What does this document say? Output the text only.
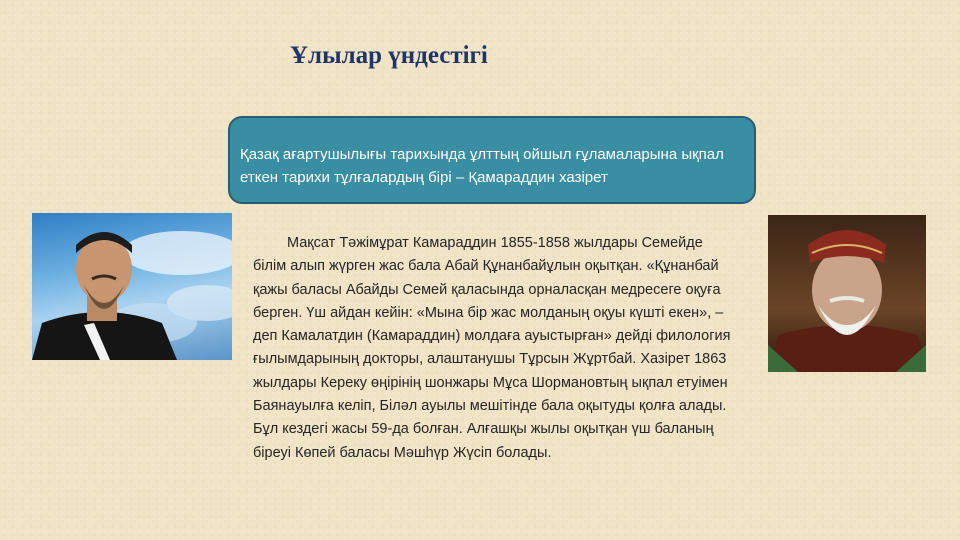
Ұлылар үндестігі
Қазақ ағартушылығы тарихында ұлттың ойшыл ғұламаларына ықпал еткен тарихи тұлғалардың бірі – Қамараддин хазірет

Мақсат Тәжімұрат Камараддин 1855-1858 жылдары Семейде білім алып жүрген жас бала Абай Құнанбайұлын оқытқан. «Құнанбай қажы баласы Абайды Семей қаласында орналасқан медресеге оқуға берген. Үш айдан кейін: «Мына бір жас молданың оқуы күшті екен», – деп Камалатдин (Камараддин) молдаға ауыстырған» дейді филология ғылымдарының докторы, алаштанушы Тұрсын Жұртбай. Хазірет 1863 жылдары Кереку өңірінің шонжары Мұса Шормановтың ықпал етуімен Баянауылға келіп, Біләл ауылы мешітінде бала оқытуды қолға алады. Бұл кездегі жасы 59-да болған. Алғашқы жылы оқытқан үш баланың біреуі Көпей баласы Мәшһүр Жүсіп болады.
